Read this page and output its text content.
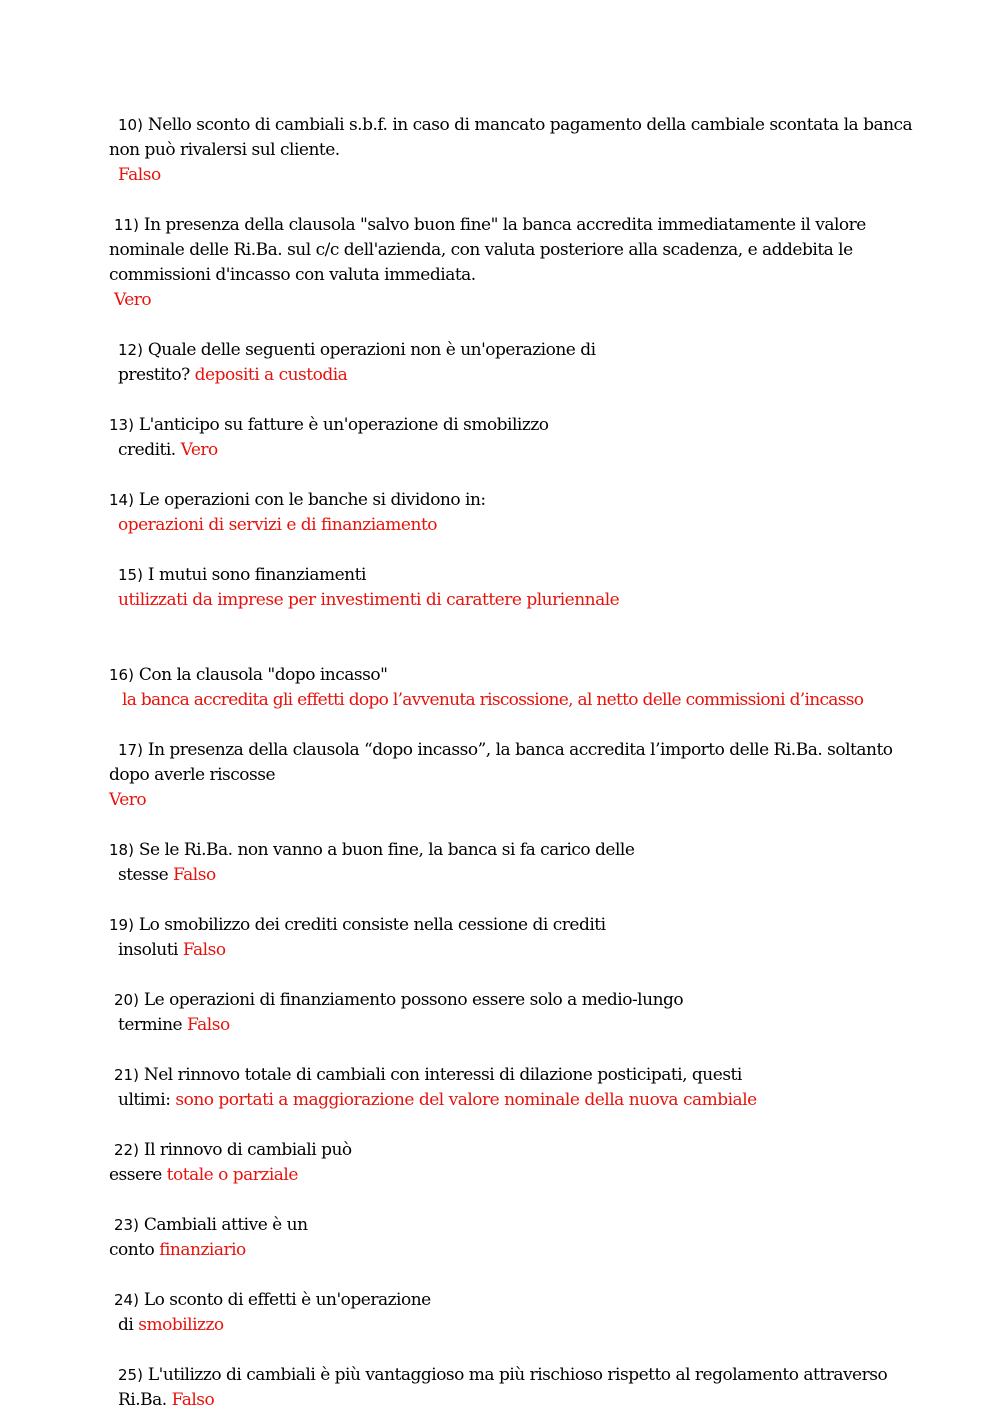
10) Nello sconto di cambiali s.b.f. in caso di mancato pagamento della cambiale scontata la banca

non può rivalersi sul cliente.

Falso

11) In presenza della clausola "salvo buon fine" la banca accredita immediatamente il valore

nominale delle Ri.Ba. sul c/c dell'azienda, con valuta posteriore alla scadenza, e addebita le

commissioni d'incasso con valuta immediata.

Vero

12) Quale delle seguenti operazioni non è un'operazione di

prestito? depositi a custodia

13) L'anticipo su fatture è un'operazione di smobilizzo

crediti. Vero

14) Le operazioni con le banche si dividono in:

operazioni di servizi e di finanziamento

15) I mutui sono finanziamenti

utilizzati da imprese per investimenti di carattere pluriennale

16) Con la clausola "dopo incasso"

la banca accredita gli effetti dopo l’avvenuta riscossione, al netto delle commissioni d’incasso

17) In presenza della clausola “dopo incasso”, la banca accredita l’importo delle Ri.Ba. soltanto

dopo averle riscosse

Vero

18) Se le Ri.Ba. non vanno a buon fine, la banca si fa carico delle

stesse Falso

19) Lo smobilizzo dei crediti consiste nella cessione di crediti

insoluti Falso

20) Le operazioni di finanziamento possono essere solo a medio-lungo

termine Falso

21) Nel rinnovo totale di cambiali con interessi di dilazione posticipati, questi

ultimi: sono portati a maggiorazione del valore nominale della nuova cambiale

22) Il rinnovo di cambiali può

essere totale o parziale

23) Cambiali attive è un

conto finanziario

24) Lo sconto di effetti è un'operazione

di smobilizzo

25) L'utilizzo di cambiali è più vantaggioso ma più rischioso rispetto al regolamento attraverso

Ri.Ba. Falso
